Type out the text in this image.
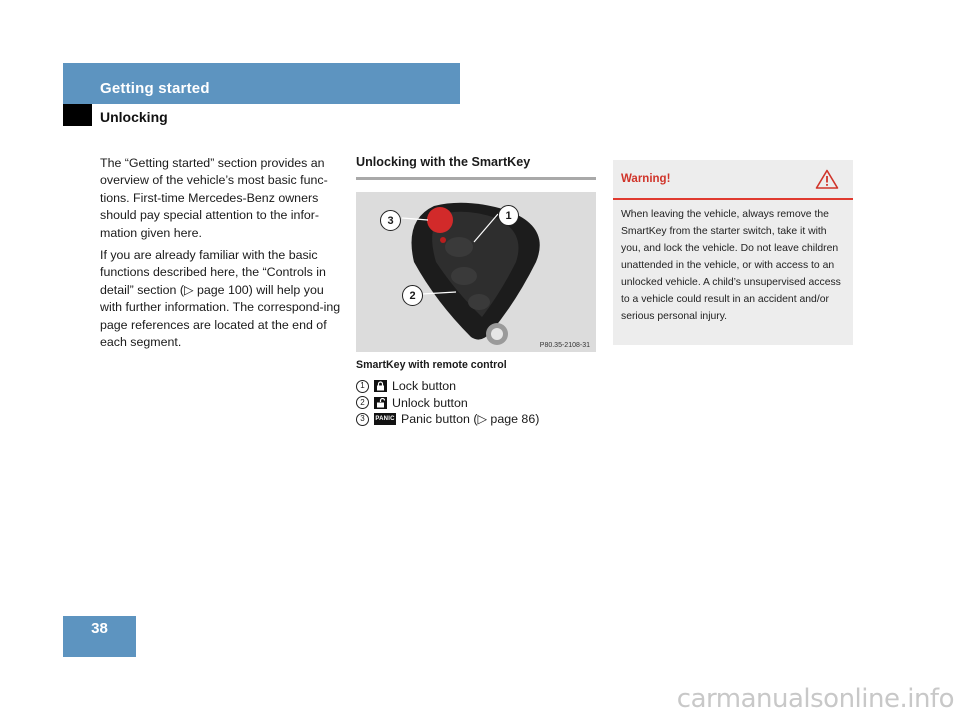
Getting started
Unlocking

The “Getting started” section provides an overview of the vehicle’s most basic func-tions. First-time Mercedes-Benz owners should pay special attention to the infor-mation given here.

If you are already familiar with the basic functions described here, the “Controls in detail” section (▷ page 100) will help you with further information. The correspond-ing page references are located at the end of each segment.

Unlocking with the SmartKey
3	1
2
P80.35-2108-31
SmartKey with remote control
1	Lock button
2	Unlock button
3	PANIC Panic button (▷ page 86)
Warning!
When leaving the vehicle, always remove the SmartKey from the starter switch, take it with you, and lock the vehicle. Do not leave children unattended in the vehicle, or with access to an unlocked vehicle. A child’s unsupervised access to a vehicle could result in an accident and/or serious personal injury.
38
carmanualsonline.info
